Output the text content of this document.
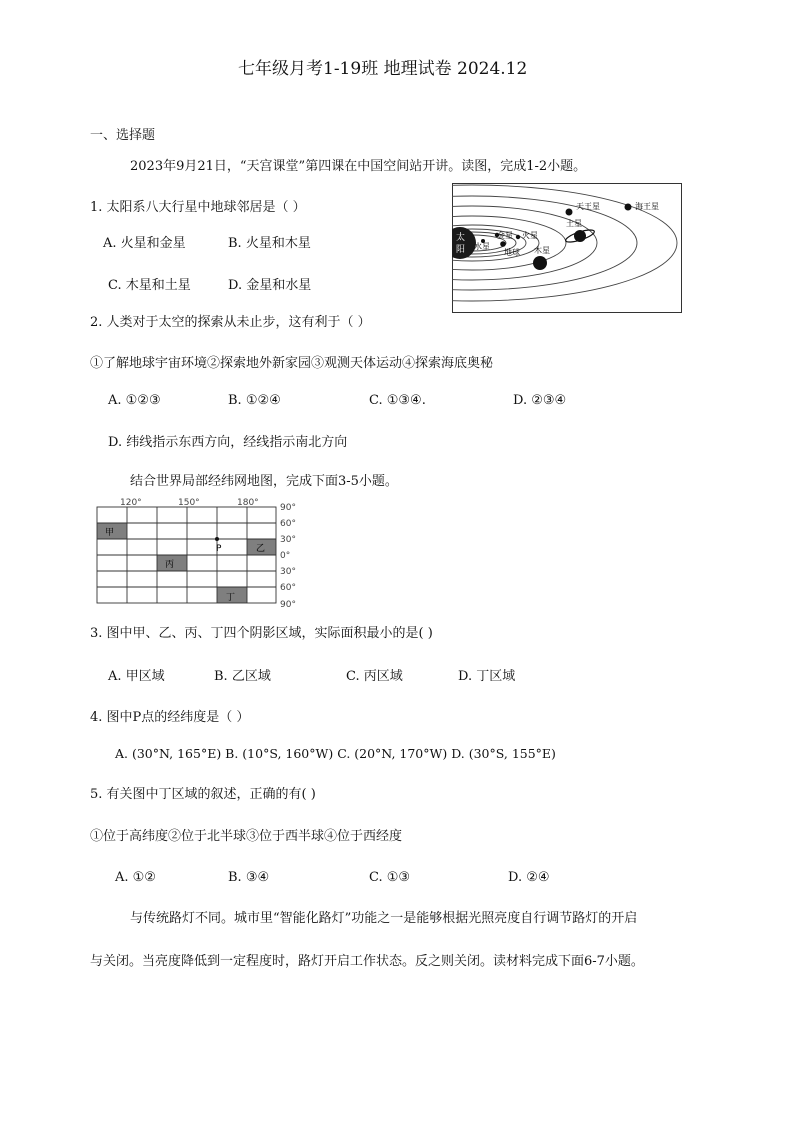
七年级月考1-19班 地理试卷 2024.12
一、选择题
2023年9月21日，“天宫课堂”第四课在中国空间站开讲。读图，完成1-2小题。
太
阳 水星
金星 火星
地球 木星
土星
天王星	海王星
1. 太阳系八大行星中地球邻居是（ ）
A. 火星和金星	B. 火星和木星
C. 木星和土星	D. 金星和水星
2. 人类对于太空的探索从未止步，这有利于（ ）
①了解地球宇宙环境②探索地外新家园③观测天体运动④探索海底奥秘
A. ①②③	B. ①②④	C. ①③④.	D. ②③④
D. 纬线指示东西方向，经线指示南北方向
结合世界局部经纬网地图，完成下面3-5小题。
120°	150°	180°
甲
乙
丙
丁
P
90°
60°
30°
0°
30°
60°
90°
3. 图中甲、乙、丙、丁四个阴影区域，实际面积最小的是( )
A. 甲区域	B. 乙区域	C. 丙区域	D. 丁区域
4. 图中P点的经纬度是（ ）
A. (30°N, 165°E) B. (10°S, 160°W) C. (20°N, 170°W) D. (30°S, 155°E)
5. 有关图中丁区域的叙述，正确的有( )
①位于高纬度②位于北半球③位于西半球④位于西经度
A. ①②	B. ③④	C. ①③	D. ②④
与传统路灯不同。城市里“智能化路灯”功能之一是能够根据光照亮度自行调节路灯的开启
与关闭。当亮度降低到一定程度时，路灯开启工作状态。反之则关闭。读材料完成下面6-7小题。
